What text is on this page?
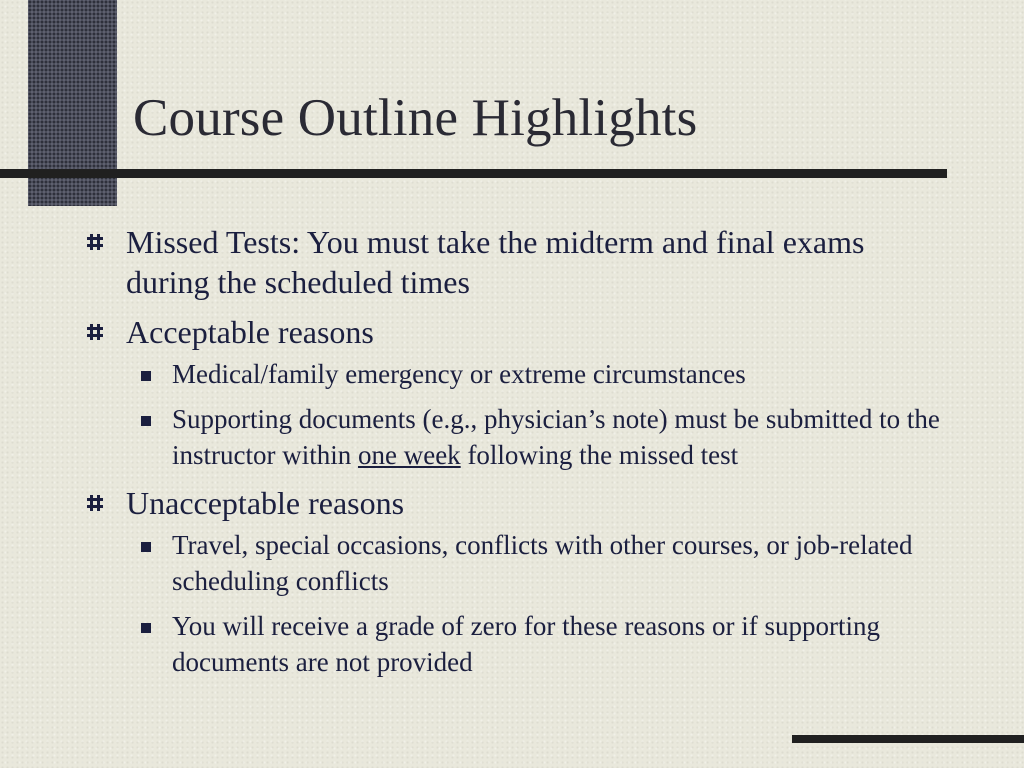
Course Outline Highlights
Missed Tests: You must take the midterm and final exams during the scheduled times
Acceptable reasons
Medical/family emergency or extreme circumstances
Supporting documents (e.g., physician’s note) must be submitted to the instructor within one week following the missed test
Unacceptable reasons
Travel, special occasions, conflicts with other courses, or job-related scheduling conflicts
You will receive a grade of zero for these reasons or if supporting documents are not provided
